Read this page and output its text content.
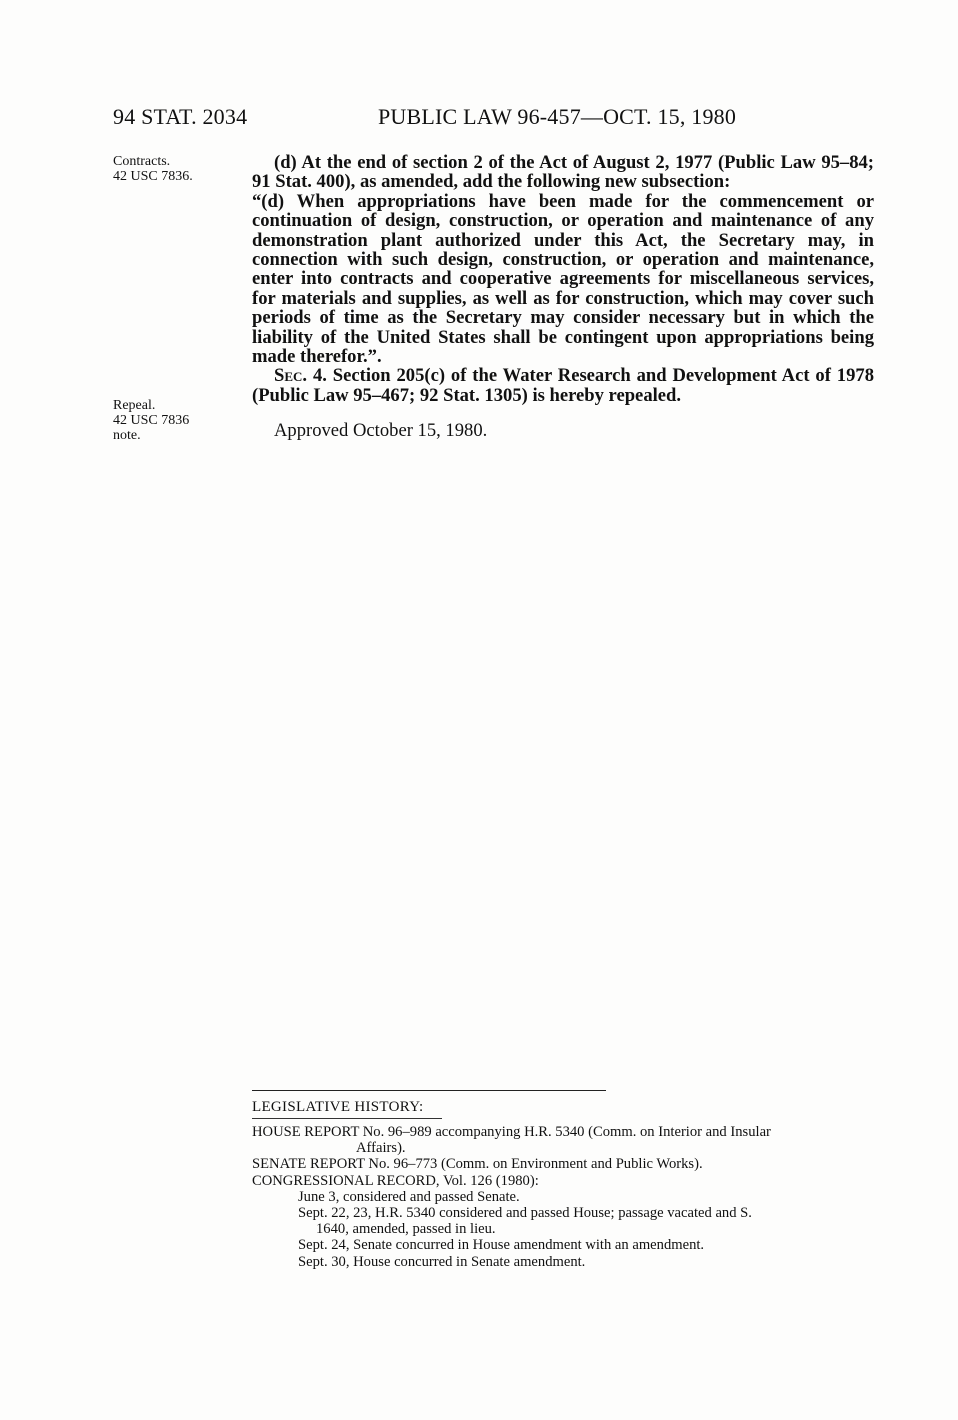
94 STAT. 2034	PUBLIC LAW 96-457—OCT. 15, 1980
Contracts.
42 USC 7836.
Repeal.
42 USC 7836
note.

(d) At the end of section 2 of the Act of August 2, 1977 (Public Law 95–84; 91 Stat. 400), as amended, add the following new subsection:

“(d) When appropriations have been made for the commencement or continuation of design, construction, or operation and maintenance of any demonstration plant authorized under this Act, the Secretary may, in connection with such design, construction, or operation and maintenance, enter into contracts and cooperative agreements for miscellaneous services, for materials and supplies, as well as for construction, which may cover such periods of time as the Secretary may consider necessary but in which the liability of the United States shall be contingent upon appropriations being made therefor.”.

Sec. 4. Section 205(c) of the Water Research and Development Act of 1978 (Public Law 95–467; 92 Stat. 1305) is hereby repealed.

Approved October 15, 1980.

LEGISLATIVE HISTORY:

HOUSE REPORT No. 96–989 accompanying H.R. 5340 (Comm. on Interior and Insular

Affairs).

SENATE REPORT No. 96–773 (Comm. on Environment and Public Works).

CONGRESSIONAL RECORD, Vol. 126 (1980):

June 3, considered and passed Senate.

Sept. 22, 23, H.R. 5340 considered and passed House; passage vacated and S.

1640, amended, passed in lieu.

Sept. 24, Senate concurred in House amendment with an amendment.

Sept. 30, House concurred in Senate amendment.
